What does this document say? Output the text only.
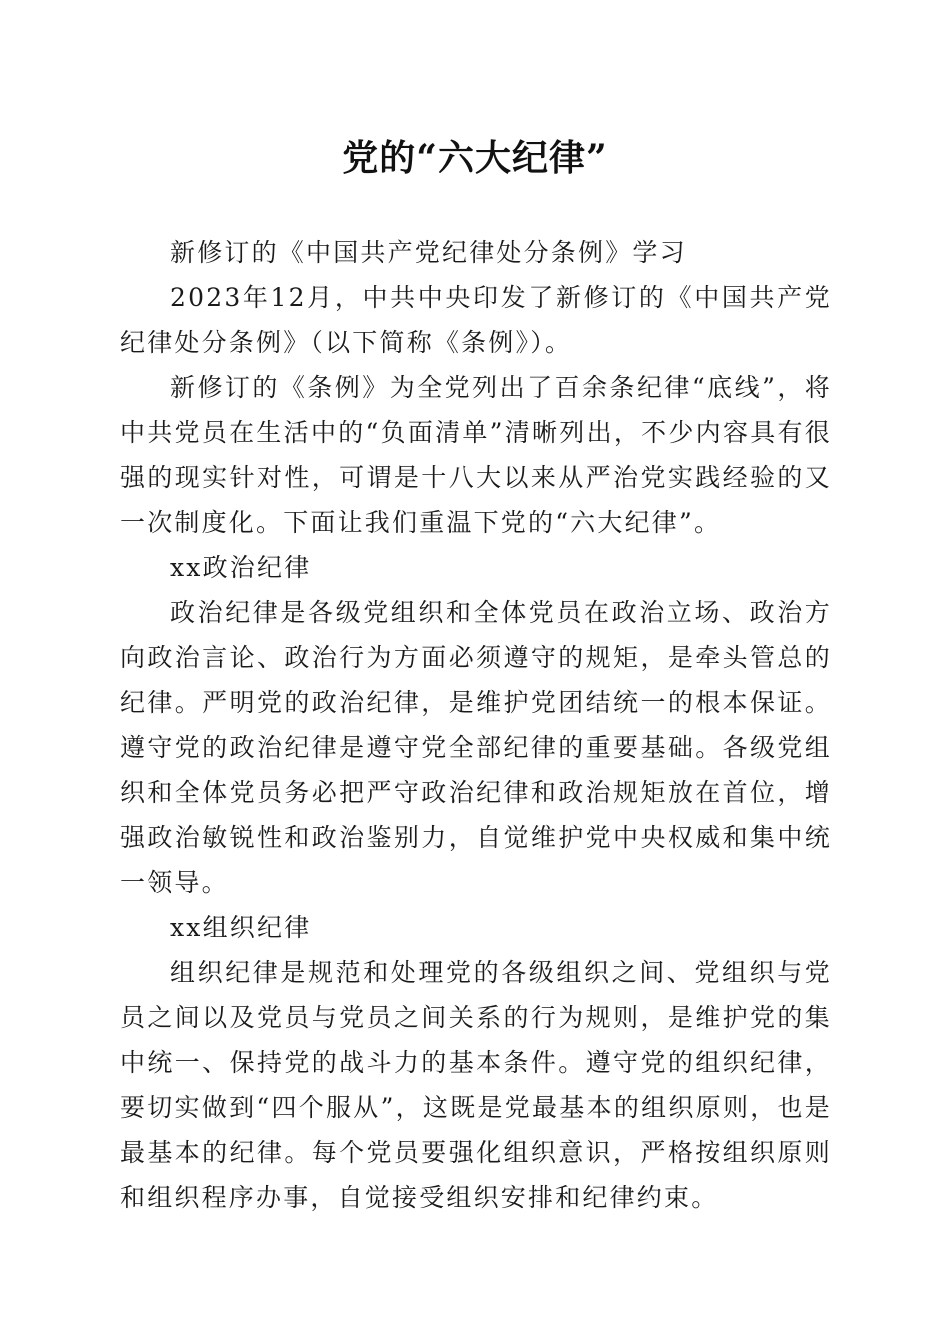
党的“六大纪律”

新修订的《中国共产党纪律处分条例》学习

2023年12月，中共中央印发了新修订的《中国共产党纪律处分条例》（以下简称《条例》）。

新修订的《条例》为全党列出了百余条纪律“底线”，将中共党员在生活中的“负面清单”清晰列出，不少内容具有很强的现实针对性，可谓是十八大以来从严治党实践经验的又一次制度化。下面让我们重温下党的“六大纪律”。

xx政治纪律

政治纪律是各级党组织和全体党员在政治立场、政治方向政治言论、政治行为方面必须遵守的规矩，是牵头管总的纪律。严明党的政治纪律，是维护党团结统一的根本保证。遵守党的政治纪律是遵守党全部纪律的重要基础。各级党组织和全体党员务必把严守政治纪律和政治规矩放在首位，增强政治敏锐性和政治鉴别力，自觉维护党中央权威和集中统一领导。

xx组织纪律

组织纪律是规范和处理党的各级组织之间、党组织与党员之间以及党员与党员之间关系的行为规则，是维护党的集中统一、保持党的战斗力的基本条件。遵守党的组织纪律，要切实做到“四个服从”，这既是党最基本的组织原则，也是最基本的纪律。每个党员要强化组织意识，严格按组织原则和组织程序办事，自觉接受组织安排和纪律约束。
